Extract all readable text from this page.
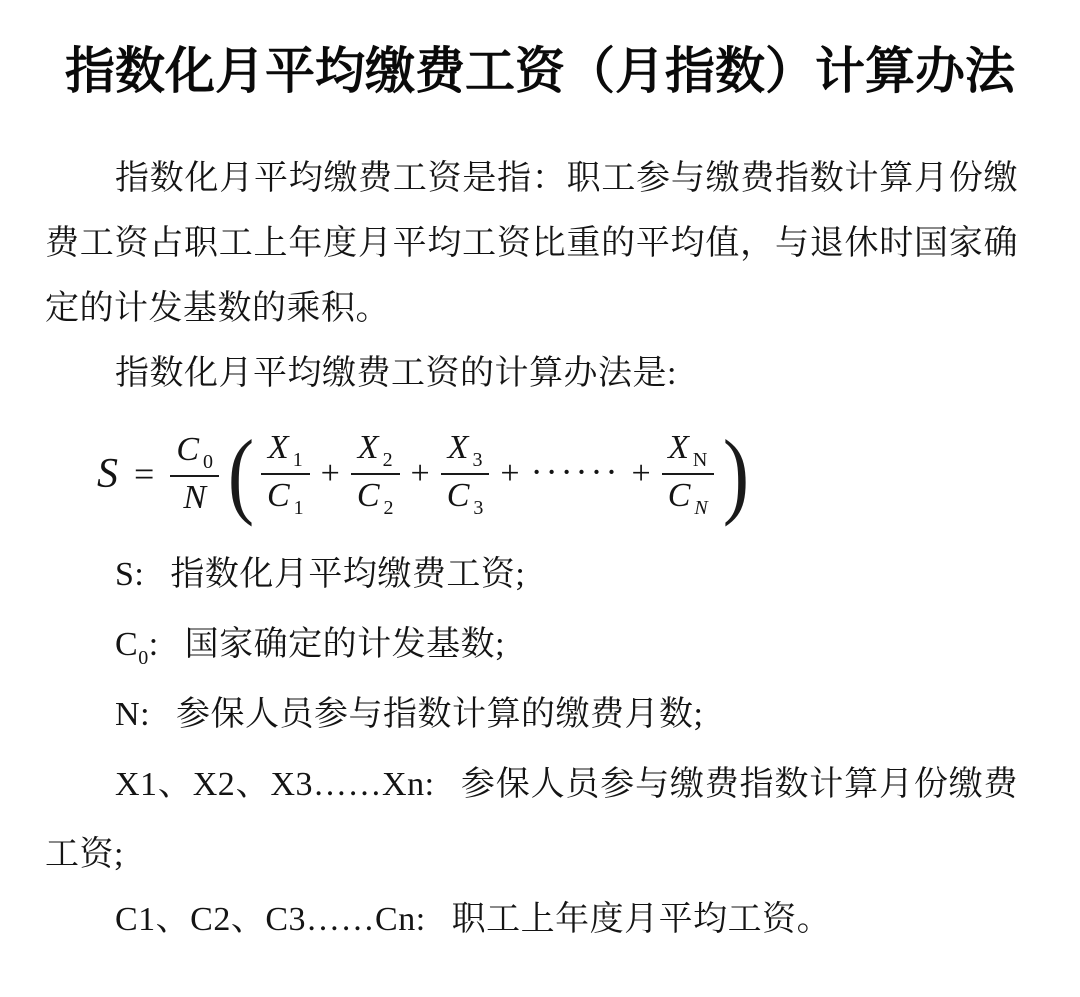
指数化月平均缴费工资（月指数）计算办法

指数化月平均缴费工资是指：职工参与缴费指数计算月份缴费工资占职工上年度月平均工资比重的平均值，与退休时国家确定的计发基数的乘积。

指数化月平均缴费工资的计算办法是:

$S = \frac{C 0}{N}$ ( $\frac{X 1}{C 1} + \frac{X 2}{C 2} + \frac{X 3}{C 3}$ + ······ + $\frac{\text{X N}}{\text{C N}}$ )

S: 指数化月平均缴费工资;

$C_0$: 国家确定的计发基数;

N: 参保人员参与指数计算的缴费月数;

X1、X2、X3……Xn: 参保人员参与缴费指数计算月份缴费工资;

C1、C2、C3……Cn: 职工上年度月平均工资。
